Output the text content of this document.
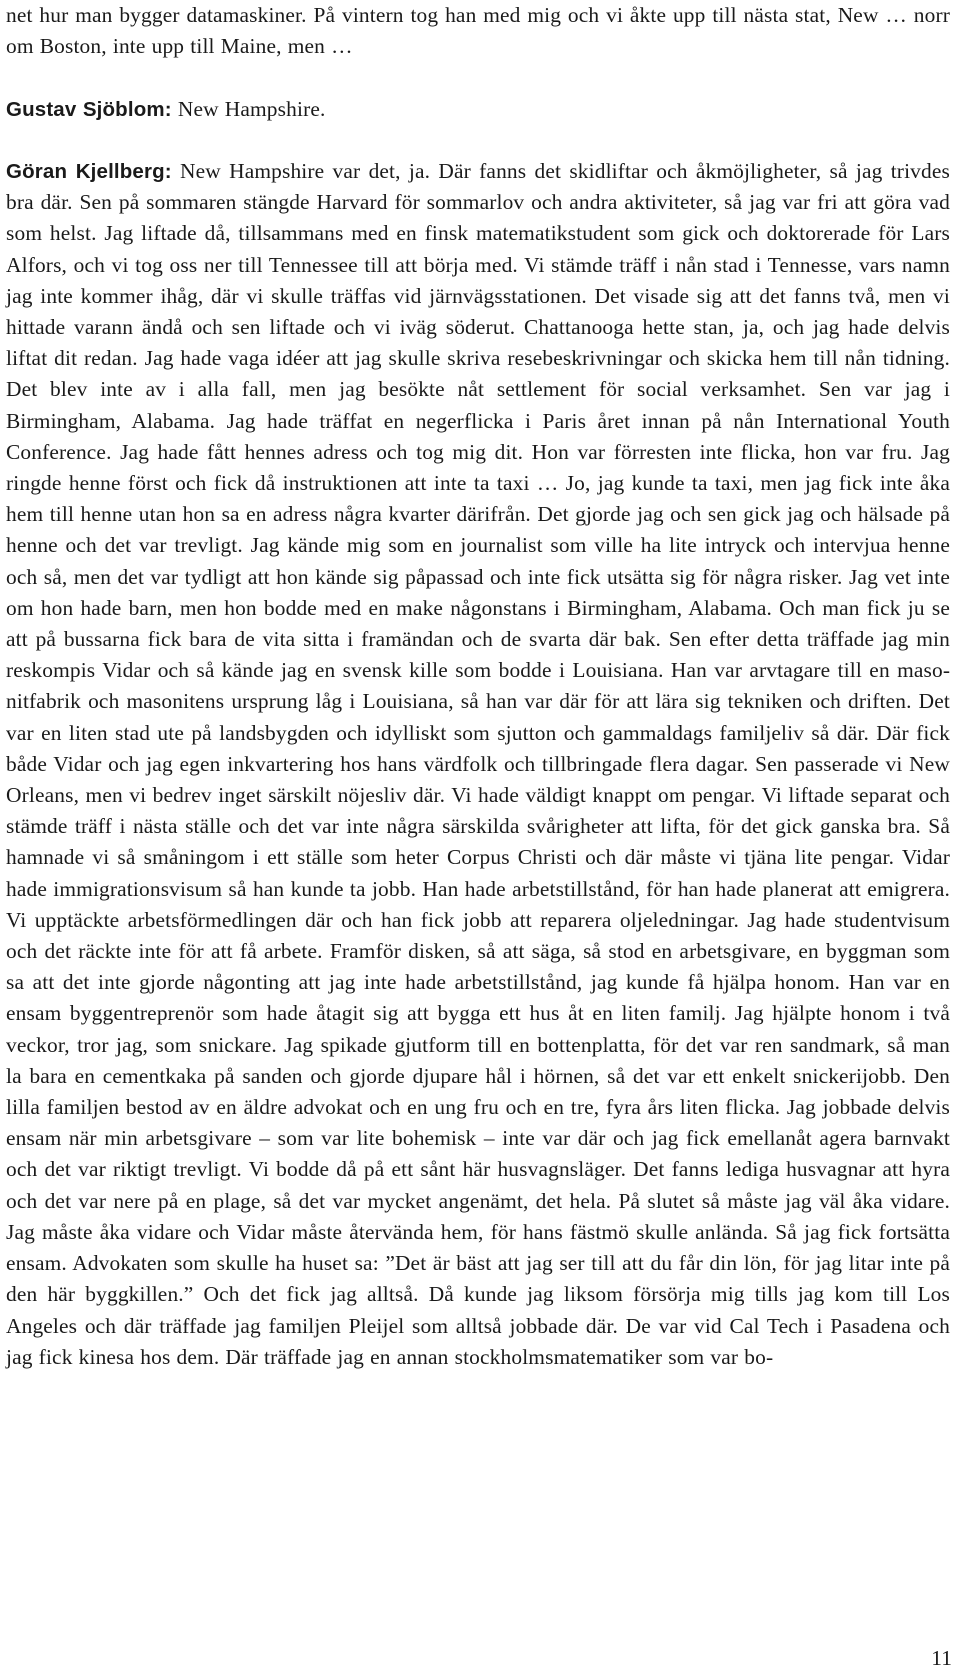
net hur man bygger datamaskiner. På vintern tog han med mig och vi åkte upp till nästa stat, New … norr om Boston, inte upp till Maine, men …

Gustav Sjöblom: New Hampshire.

Göran Kjellberg: New Hampshire var det, ja. Där fanns det skidliftar och åkmöjligheter, så jag trivdes bra där. Sen på sommaren stängde Harvard för sommarlov och andra aktiviteter, så jag var fri att göra vad som helst. Jag liftade då, tillsammans med en finsk matematikstudent som gick och doktorerade för Lars Alfors, och vi tog oss ner till Tennessee till att börja med. Vi stämde träff i nån stad i Tennesse, vars namn jag inte kommer ihåg, där vi skulle träffas vid järnvägsstationen. Det visade sig att det fanns två, men vi hittade varann ändå och sen liftade och vi iväg söderut. Chattanooga hette stan, ja, och jag hade delvis liftat dit redan. Jag hade vaga idéer att jag skulle skriva resebeskrivningar och skicka hem till nån tidning. Det blev inte av i alla fall, men jag besökte nåt settlement för social verksamhet. Sen var jag i Birmingham, Alabama. Jag hade träffat en negerflicka i Paris året innan på nån International Youth Conference. Jag hade fått hennes adress och tog mig dit. Hon var förresten inte flicka, hon var fru. Jag ringde henne först och fick då instruktionen att inte ta taxi … Jo, jag kunde ta taxi, men jag fick inte åka hem till henne utan hon sa en adress några kvarter därifrån. Det gjorde jag och sen gick jag och hälsade på henne och det var trevligt. Jag kände mig som en journalist som ville ha lite intryck och intervjua henne och så, men det var tydligt att hon kände sig påpassad och inte fick utsätta sig för några risker. Jag vet inte om hon hade barn, men hon bodde med en make någonstans i Birmingham, Alabama. Och man fick ju se att på bussarna fick bara de vita sitta i framändan och de svarta där bak. Sen efter detta träffade jag min reskompis Vidar och så kände jag en svensk kille som bodde i Louisiana. Han var arvtagare till en masonitfabrik och masonitens ursprung låg i Louisiana, så han var där för att lära sig tekniken och driften. Det var en liten stad ute på landsbygden och idylliskt som sjutton och gammaldags familjeliv så där. Där fick både Vidar och jag egen inkvartering hos hans värdfolk och tillbringade flera dagar. Sen passerade vi New Orleans, men vi bedrev inget särskilt nöjesliv där. Vi hade väldigt knappt om pengar. Vi liftade separat och stämde träff i nästa ställe och det var inte några särskilda svårigheter att lifta, för det gick ganska bra. Så hamnade vi så småningom i ett ställe som heter Corpus Christi och där måste vi tjäna lite pengar. Vidar hade immigrationsvisum så han kunde ta jobb. Han hade arbetstillstånd, för han hade planerat att emigrera. Vi upptäckte arbetsförmedlingen där och han fick jobb att reparera oljeledningar. Jag hade studentvisum och det räckte inte för att få arbete. Framför disken, så att säga, så stod en arbetsgivare, en byggman som sa att det inte gjorde någonting att jag inte hade arbetstillstånd, jag kunde få hjälpa honom. Han var en ensam byggentreprenör som hade åtagit sig att bygga ett hus åt en liten familj. Jag hjälpte honom i två veckor, tror jag, som snickare. Jag spikade gjutform till en bottenplatta, för det var ren sandmark, så man la bara en cementkaka på sanden och gjorde djupare hål i hörnen, så det var ett enkelt snickerijobb. Den lilla familjen bestod av en äldre advokat och en ung fru och en tre, fyra års liten flicka. Jag jobbade delvis ensam när min arbetsgivare – som var lite bohemisk – inte var där och jag fick emellanåt agera barnvakt och det var riktigt trevligt. Vi bodde då på ett sånt här husvagnsläger. Det fanns lediga husvagnar att hyra och det var nere på en plage, så det var mycket angenämt, det hela. På slutet så måste jag väl åka vidare. Jag måste åka vidare och Vidar måste återvända hem, för hans fästmö skulle anlända. Så jag fick fortsätta ensam. Advokaten som skulle ha huset sa: ”Det är bäst att jag ser till att du får din lön, för jag litar inte på den här byggkillen.” Och det fick jag alltså. Då kunde jag liksom försörja mig tills jag kom till Los Angeles och där träffade jag familjen Pleijel som alltså jobbade där. De var vid Cal Tech i Pasadena och jag fick kinesa hos dem. Där träffade jag en annan stockholmsmatematiker som var bo-

11
